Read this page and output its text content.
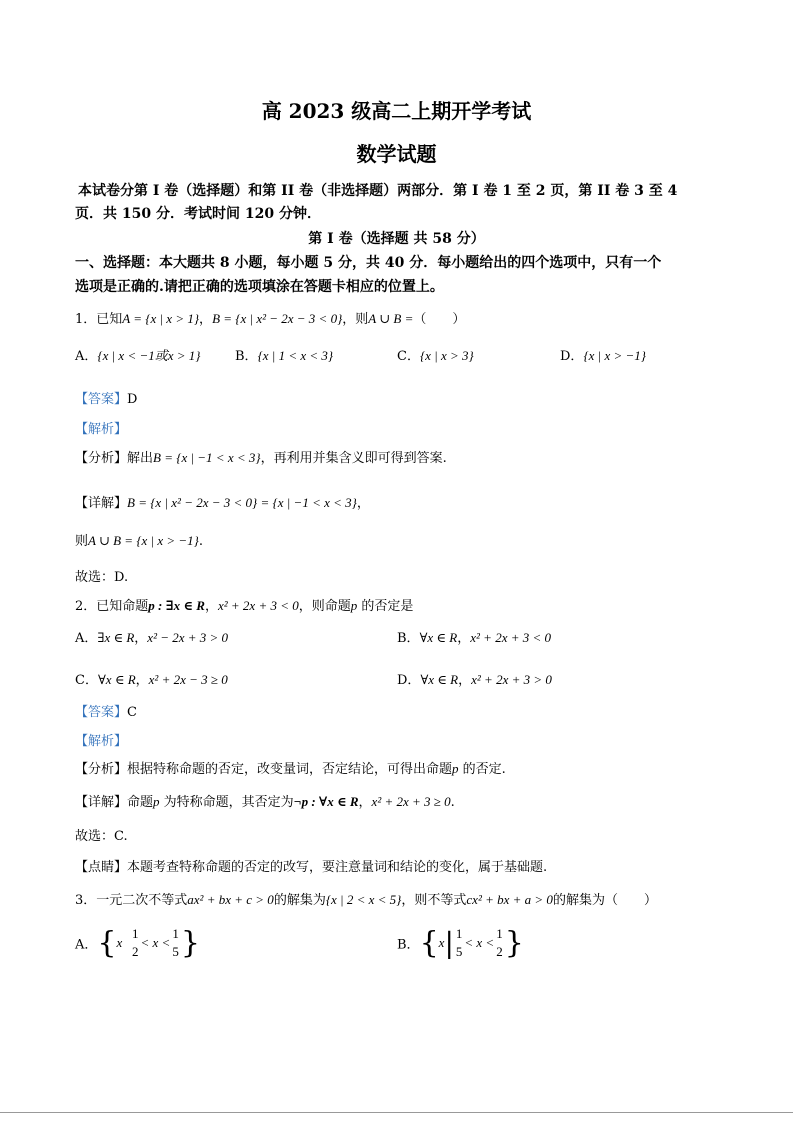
高 2023 级高二上期开学考试
数学试题
本试卷分第 I 卷（选择题）和第 II 卷（非选择题）两部分．第 I 卷 1 至 2 页，第 II 卷 3 至 4
页．共 150 分．考试时间 120 分钟．
第 I 卷（选择题 共 58 分）
一、选择题：本大题共 8 小题，每小题 5 分，共 40 分．每小题给出的四个选项中，只有一个
选项是正确的.请把正确的选项填涂在答题卡相应的位置上。
1．已知A = {x | x > 1}，B = {x | x² − 2x − 3 < 0}，则A ∪ B =（　　）
A．{x | x < −1或x > 1}	B．{x | 1 < x < 3}	C．{x | x > 3}	D．{x | x > −1}
【答案】D
【解析】
【分析】解出B = {x | −1 < x < 3}，再利用并集含义即可得到答案.
【详解】B = {x | x² − 2x − 3 < 0} = {x | −1 < x < 3}，
则A ∪ B = {x | x > −1}.
故选：D.
2．已知命题p : ∃x ∈ R，x² + 2x + 3 < 0，则命题p 的否定是
A．∃x ∈ R，x² − 2x + 3 > 0	B．∀x ∈ R，x² + 2x + 3 < 0
C．∀x ∈ R，x² + 2x − 3 ≥ 0	D．∀x ∈ R，x² + 2x + 3 > 0
【答案】C
【解析】
【分析】根据特称命题的否定，改变量词，否定结论，可得出命题p 的否定.
【详解】命题p 为特称命题，其否定为¬p : ∀x ∈ R，x² + 2x + 3 ≥ 0.
故选：C.
【点睛】本题考查特称命题的否定的改写，要注意量词和结论的变化，属于基础题.
3．一元二次不等式ax² + bx + c > 0的解集为{x | 2 < x < 5}，则不等式cx² + bx + a > 0的解集为（　　）
A．{x |
1
2
< x <
1
5 }	B．{x| 1
5
< x <
1
2 }
